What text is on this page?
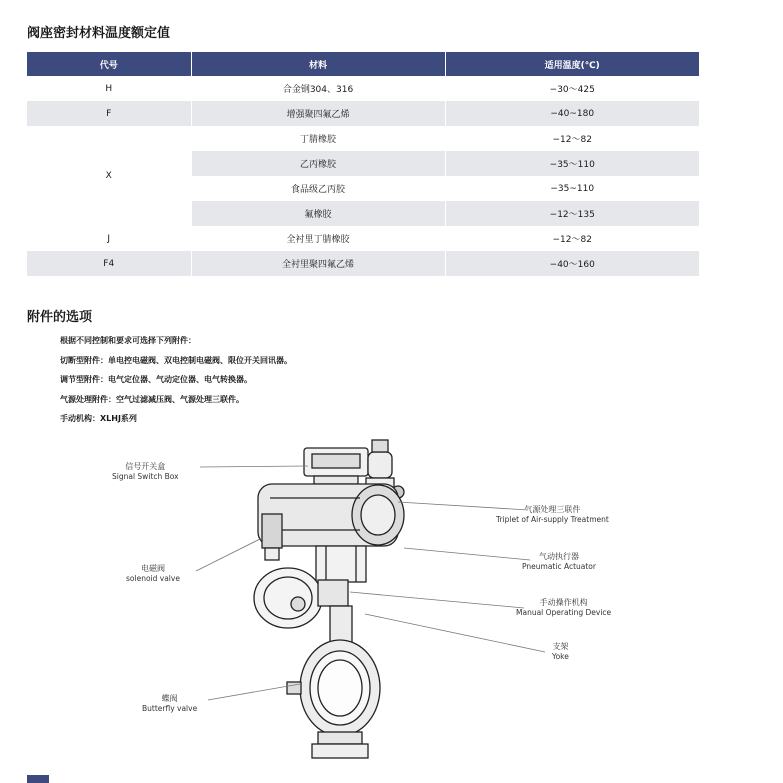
阀座密封材料温度额定值
代号	材料	适用温度(℃)
H	合金钢304、316	−30～425
F	增强聚四氟乙烯	−40~180
X	丁腈橡胶	−12～82
	乙丙橡胶	−35～110
	食品级乙丙胶	−35~110
	氟橡胶	−12～135
J	全衬里丁腈橡胶	−12～82
F4	全衬里聚四氟乙烯	−40～160
附件的选项
根据不同控制和要求可选择下列附件：
切断型附件：单电控电磁阀、双电控制电磁阀、限位开关回讯器。
调节型附件：电气定位器、气动定位器、电气转换器。
气源处理附件：空气过滤减压阀、气源处理三联件。
手动机构：XLHJ系列
信号开关盒
Signal Switch Box
电磁阀
solenoid valve
蝶阀
Butterfly valve
气源处理三联件
Triplet of Air-supply Treatment
气动执行器
Pneumatic Actuator
手动操作机构
Manual Operating Device
支架
Yoke
